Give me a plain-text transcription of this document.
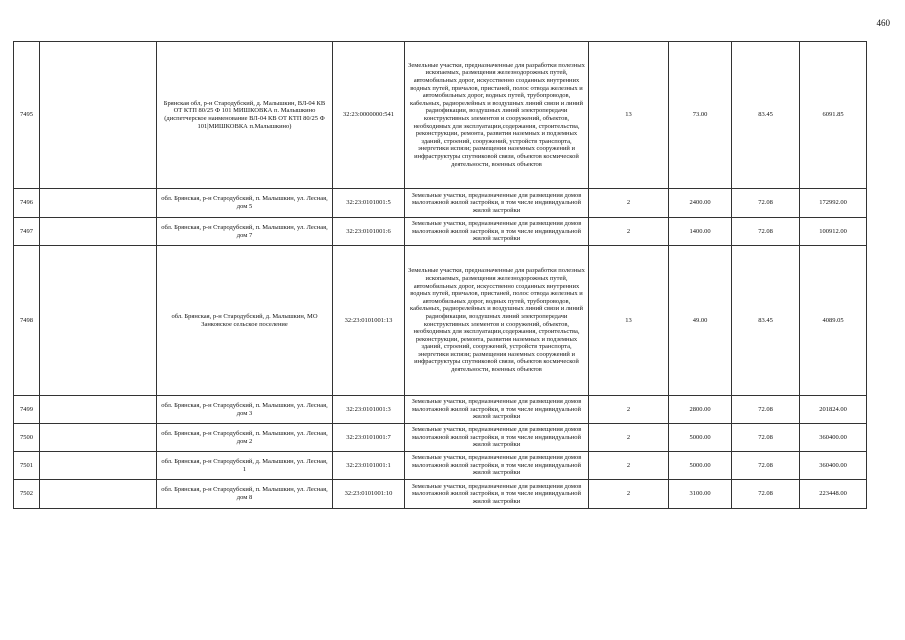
460
7495		Брянская обл, р-н Стародубский, д. Малышкин, ВЛ-04 КВ ОТ КТП 80/25 Ф 101 МИШКОВКА п. Малышкино (диспетчерское наименование ВЛ-04 КВ ОТ КТП 80/25 Ф 101|МИШКОВКА п.Малышкино)	32:23:0000000:541	Земельные участки, предназначенные для разработки полезных ископаемых, размещения железнодорожных путей, автомобильных дорог, искусственно созданных внутренних водных путей, причалов, пристаней, полос отвода железных и автомобильных дорог, водных путей, трубопроводов, кабельных, радиорелейных и воздушных линий связи и линий радиофикации, воздушных линий электропередачи конструктивных элементов и сооружений, объектов, необходимых для эксплуатации,содержания, строительства, реконструкции, ремонта, развития наземных и подземных зданий, строений, сооружений, устройств транспорта, энергетики испязи; размещения наземных сооружений и инфраструктуры спутниковой связи, объектов космической деятельности, военных объектов	13	73.00	83.45	6091.85
7496		обл. Брянская, р-н Стародубский, п. Малышкин, ул. Лесная, дом 5	32:23:0101001:5	Земельные участки, предназначенные для размещения домов малоэтажной жилой застройки, в том числе индивидуальной жилой застройки	2	2400.00	72.08	172992.00
7497		обл. Брянская, р-н Стародубский, п. Малышкин, ул. Лесная, дом 7	32:23:0101001:6	Земельные участки, предназначенные для размещения домов малоэтажной жилой застройки, в том числе индивидуальной жилой застройки	2	1400.00	72.08	100912.00
7498		обл. Брянская, р-н Стародубский, д. Малышкин, МО Занковское сельское поселение	32:23:0101001:13	Земельные участки, предназначенные для разработки полезных ископаемых, размещения железнодорожных путей, автомобильных дорог, искусственно созданных внутренних водных путей, причалов, пристаней, полос отвода железных и автомобильных дорог, водных путей, трубопроводов, кабельных, радиорелейных и воздушных линий связи и линий радиофикации, воздушных линий электропередачи конструктивных элементов и сооружений, объектов, необходимых для эксплуатации,содержания, строительства, реконструкции, ремонта, развития наземных и подземных зданий, строений, сооружений, устройств транспорта, энергетики испязи; размещения наземных сооружений и инфраструктуры спутниковой связи, объектов космической деятельности, военных объектов	13	49.00	83.45	4089.05
7499		обл. Брянская, р-н Стародубский, п. Малышкин, ул. Лесная, дом 3	32:23:0101001:3	Земельные участки, предназначенные для размещения домов малоэтажной жилой застройки, в том числе индивидуальной жилой застройки	2	2800.00	72.08	201824.00
7500		обл. Брянская, р-н Стародубский, п. Малышкин, ул. Лесная, дом 2	32:23:0101001:7	Земельные участки, предназначенные для размещения домов малоэтажной жилой застройки, в том числе индивидуальной жилой застройки	2	5000.00	72.08	360400.00
7501		обл. Брянская, р-н Стародубский, д. Малышкин, ул. Лесная, 1	32:23:0101001:1	Земельные участки, предназначенные для размещения домов малоэтажной жилой застройки, в том числе индивидуальной жилой застройки	2	5000.00	72.08	360400.00
7502		обл. Брянская, р-н Стародубский, п. Малышкин, ул. Лесная, дом 8	32:23:0101001:10	Земельные участки, предназначенные для размещения домов малоэтажной жилой застройки, в том числе индивидуальной жилой застройки	2	3100.00	72.08	223448.00
